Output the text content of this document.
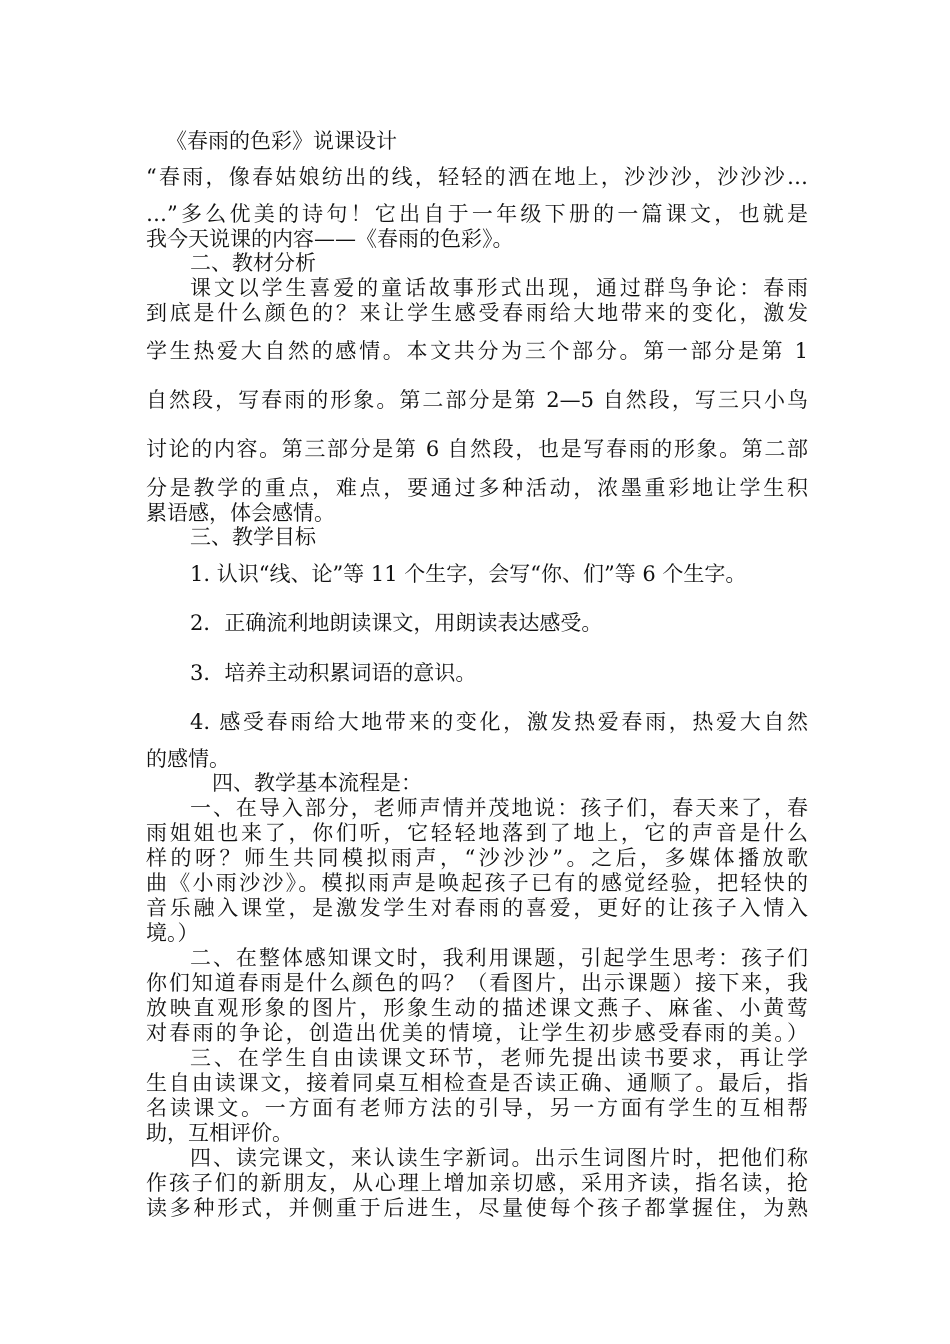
《春雨的色彩》说课设计
“春雨，像春姑娘纺出的线，轻轻的洒在地上，沙沙沙，沙沙沙…
…”多么优美的诗句！它出自于一年级下册的一篇课文，也就是
我今天说课的内容——《春雨的色彩》。
二、教材分析
课文以学生喜爱的童话故事形式出现，通过群鸟争论：春雨
到底是什么颜色的？来让学生感受春雨给大地带来的变化，激发
学生热爱大自然的感情。本文共分为三个部分。第一部分是第 1
自然段，写春雨的形象。第二部分是第 2—5 自然段，写三只小鸟
讨论的内容。第三部分是第 6 自然段，也是写春雨的形象。第二部
分是教学的重点，难点，要通过多种活动，浓墨重彩地让学生积
累语感，体会感情。
三、教学目标
1. 认识“线、论”等 11 个生字，会写“你、们”等 6 个生字。
2．正确流利地朗读课文，用朗读表达感受。
3．培养主动积累词语的意识。
4. 感受春雨给大地带来的变化，激发热爱春雨，热爱大自然
的感情。
四、教学基本流程是：
一、在导入部分，老师声情并茂地说：孩子们，春天来了，春
雨姐姐也来了，你们听，它轻轻地落到了地上，它的声音是什么
样的呀？师生共同模拟雨声，“沙沙沙”。之后，多媒体播放歌
曲《小雨沙沙》。模拟雨声是唤起孩子已有的感觉经验，把轻快的
音乐融入课堂，是激发学生对春雨的喜爱，更好的让孩子入情入
境。）
二、在整体感知课文时，我利用课题，引起学生思考：孩子们
你们知道春雨是什么颜色的吗？（看图片，出示课题）接下来，我
放映直观形象的图片，形象生动的描述课文燕子、麻雀、小黄莺
对春雨的争论，创造出优美的情境，让学生初步感受春雨的美。）
三、在学生自由读课文环节，老师先提出读书要求，再让学
生自由读课文，接着同桌互相检查是否读正确、通顺了。最后，指
名读课文。一方面有老师方法的引导，另一方面有学生的互相帮
助，互相评价。
四、读完课文，来认读生字新词。出示生词图片时，把他们称
作孩子们的新朋友，从心理上增加亲切感，采用齐读，指名读，抢
读多种形式，并侧重于后进生，尽量使每个孩子都掌握住，为熟
